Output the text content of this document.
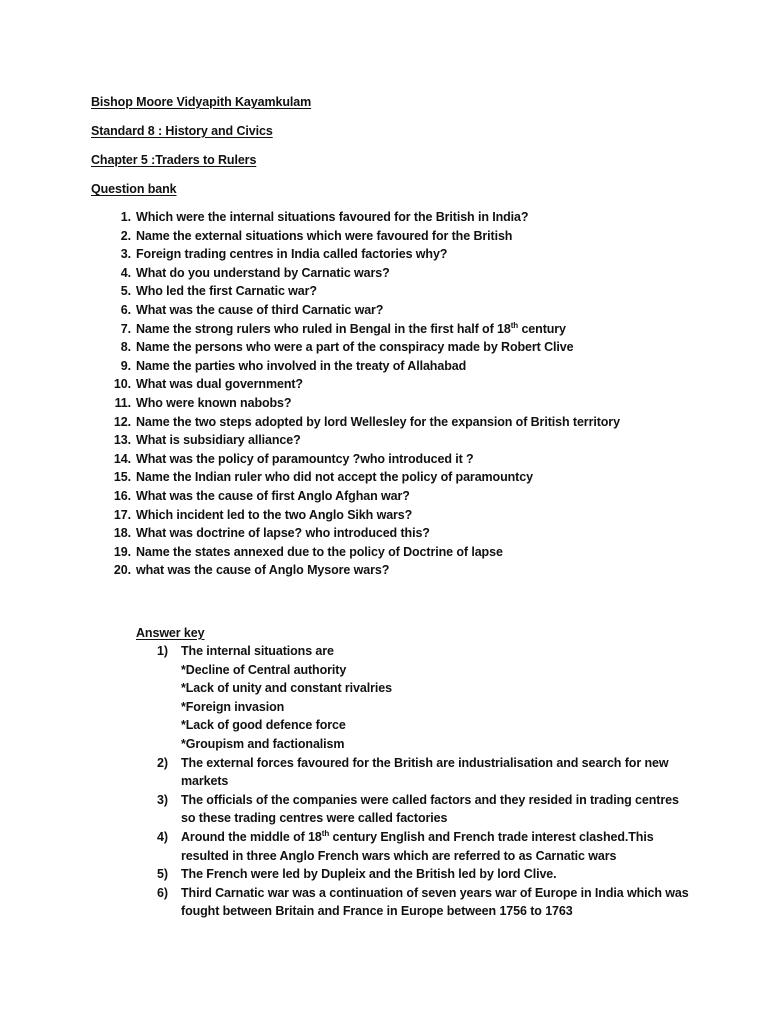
Bishop Moore Vidyapith Kayamkulam
Standard 8 : History and Civics
Chapter 5 :Traders to Rulers
Question bank
1. Which were the internal situations favoured for the British in India?
2. Name the external situations which were favoured for the British
3. Foreign trading centres in India called factories why?
4. What do you understand by Carnatic wars?
5. Who led the first Carnatic war?
6. What was the cause of third Carnatic war?
7. Name the strong rulers who ruled in Bengal in the first half of 18th century
8. Name the persons who were a part of the conspiracy made by Robert Clive
9. Name the parties who involved in the treaty of Allahabad
10. What was dual government?
11. Who were known nabobs?
12. Name the two steps adopted by lord Wellesley for the expansion of British territory
13. What is subsidiary alliance?
14. What was the policy of paramountcy ?who introduced it ?
15. Name the Indian ruler who did not accept the policy of paramountcy
16. What was the cause of first Anglo Afghan war?
17. Which incident led to the two Anglo Sikh wars?
18. What was doctrine of lapse? who introduced this?
19. Name the states annexed due to the policy of Doctrine of lapse
20. what was the cause of Anglo Mysore wars?
Answer key
1)	The internal situations are
*Decline of Central authority
*Lack of unity and constant rivalries
*Foreign invasion
*Lack of good defence force
*Groupism and factionalism
2)	The external forces favoured for the British are industrialisation and search for new
markets
3)	The officials of the companies were called factors and they resided in trading centres
so these trading centres were called factories
4)	Around the middle of 18th century English and French trade interest clashed.This
resulted in three Anglo French wars which are referred to as Carnatic wars
5)	The French were led by Dupleix and the British led by lord Clive.
6)	Third Carnatic war was a continuation of seven years war of Europe in India which was
fought between Britain and France in Europe between 1756 to 1763
